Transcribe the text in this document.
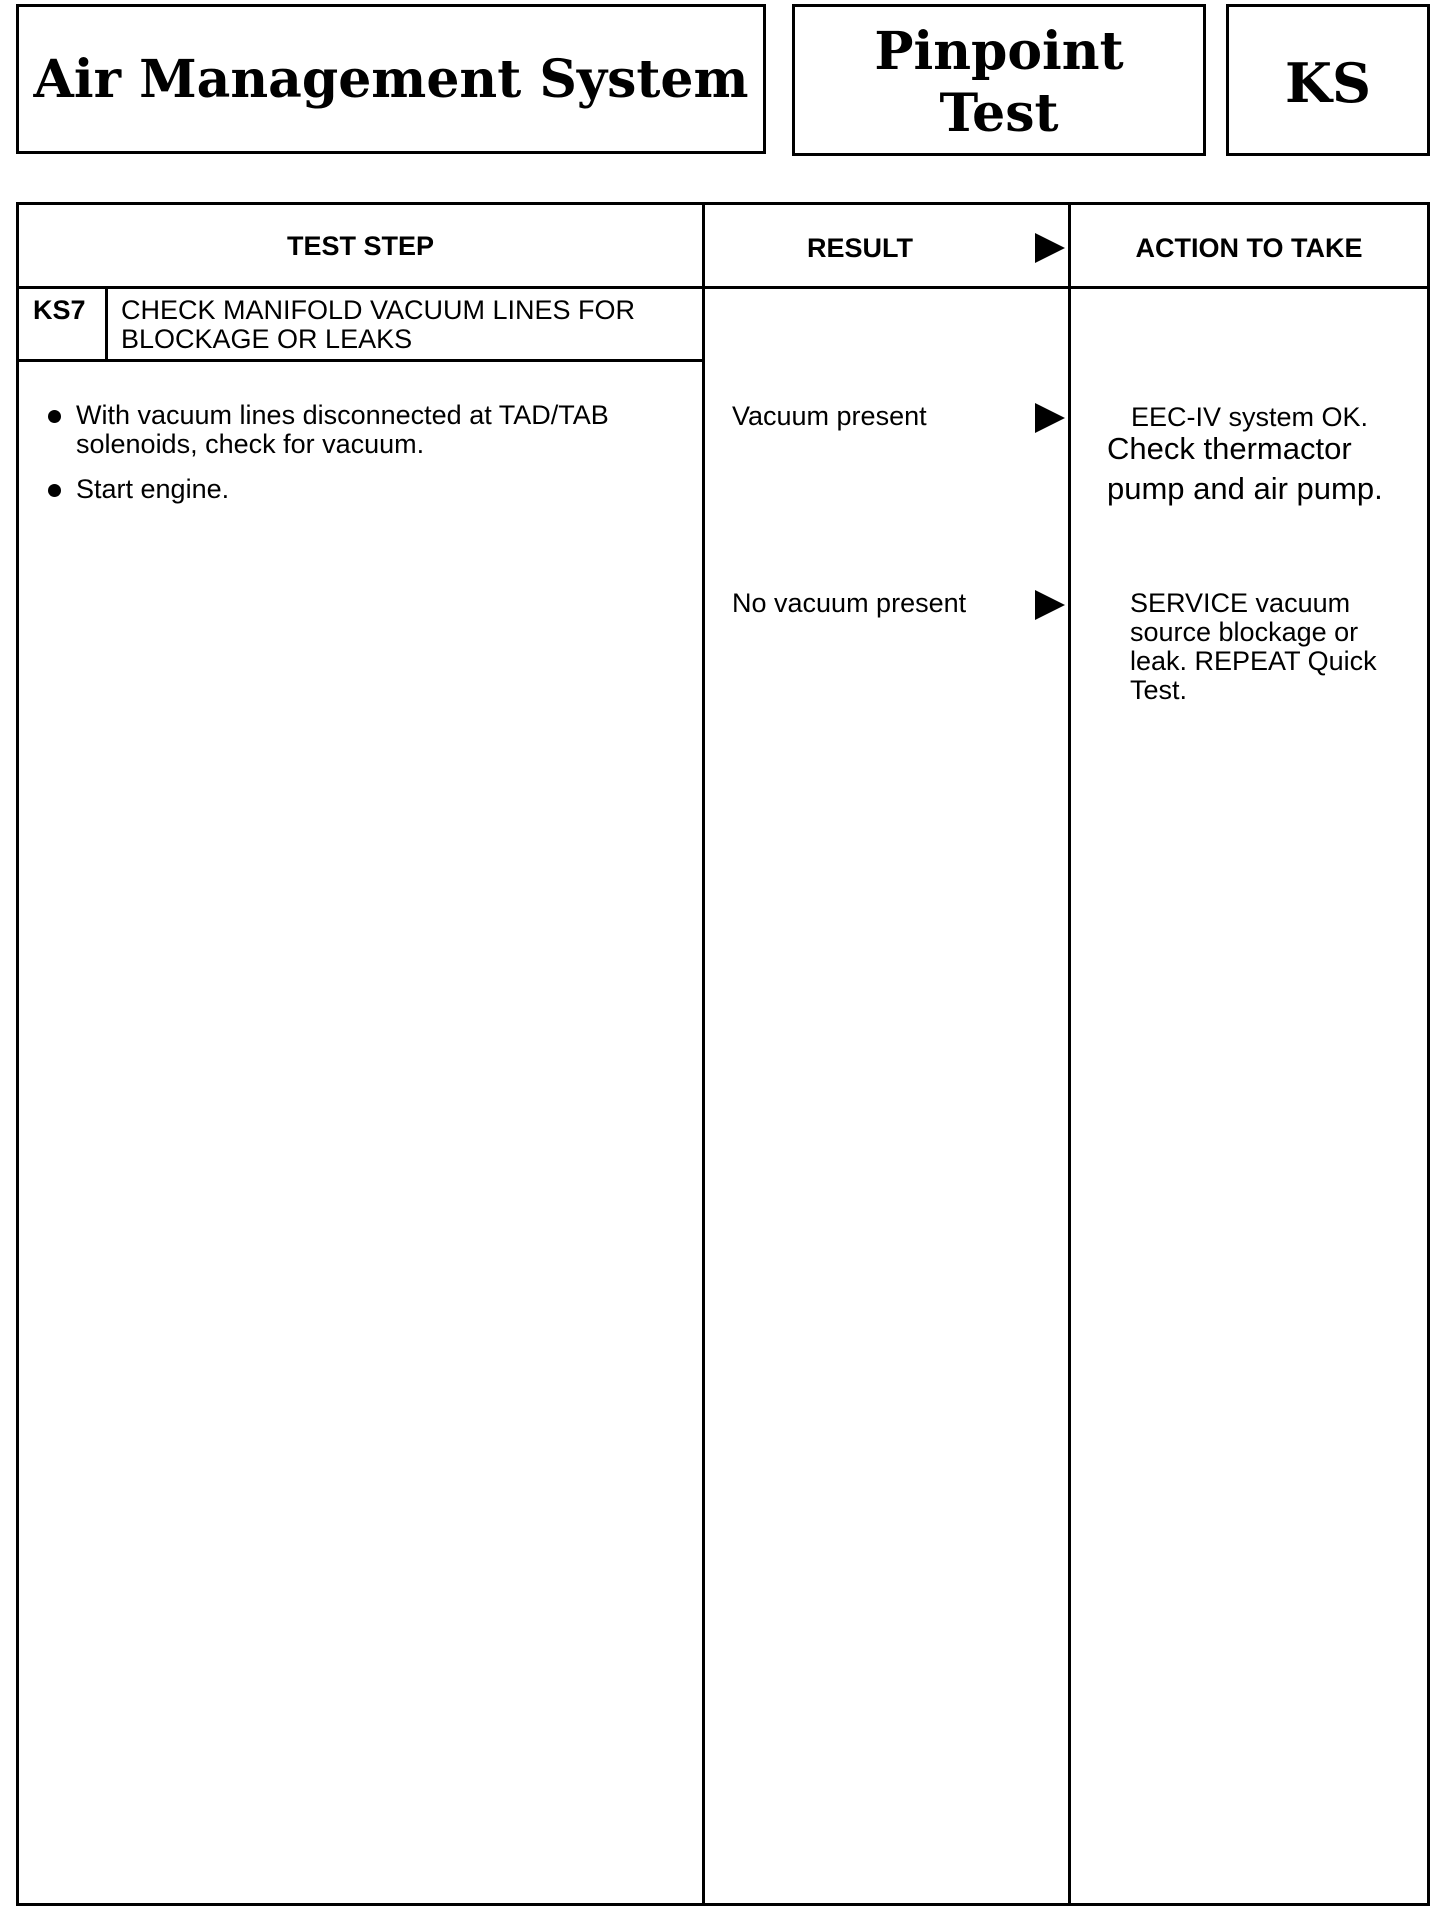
Air Management System	Pinpoint
Test	KS
TEST STEP	RESULT	ACTION TO TAKE
KS7 CHECK MANIFOLD VACUUM LINES FOR
BLOCKAGE OR LEAKS
With vacuum lines disconnected at TAD/TAB solenoids, check for vacuum.
Start engine.
Vacuum present	EEC-IV system OK.
Check thermactor
pump and air pump.
No vacuum present	SERVICE vacuum source blockage or leak. REPEAT Quick Test.
